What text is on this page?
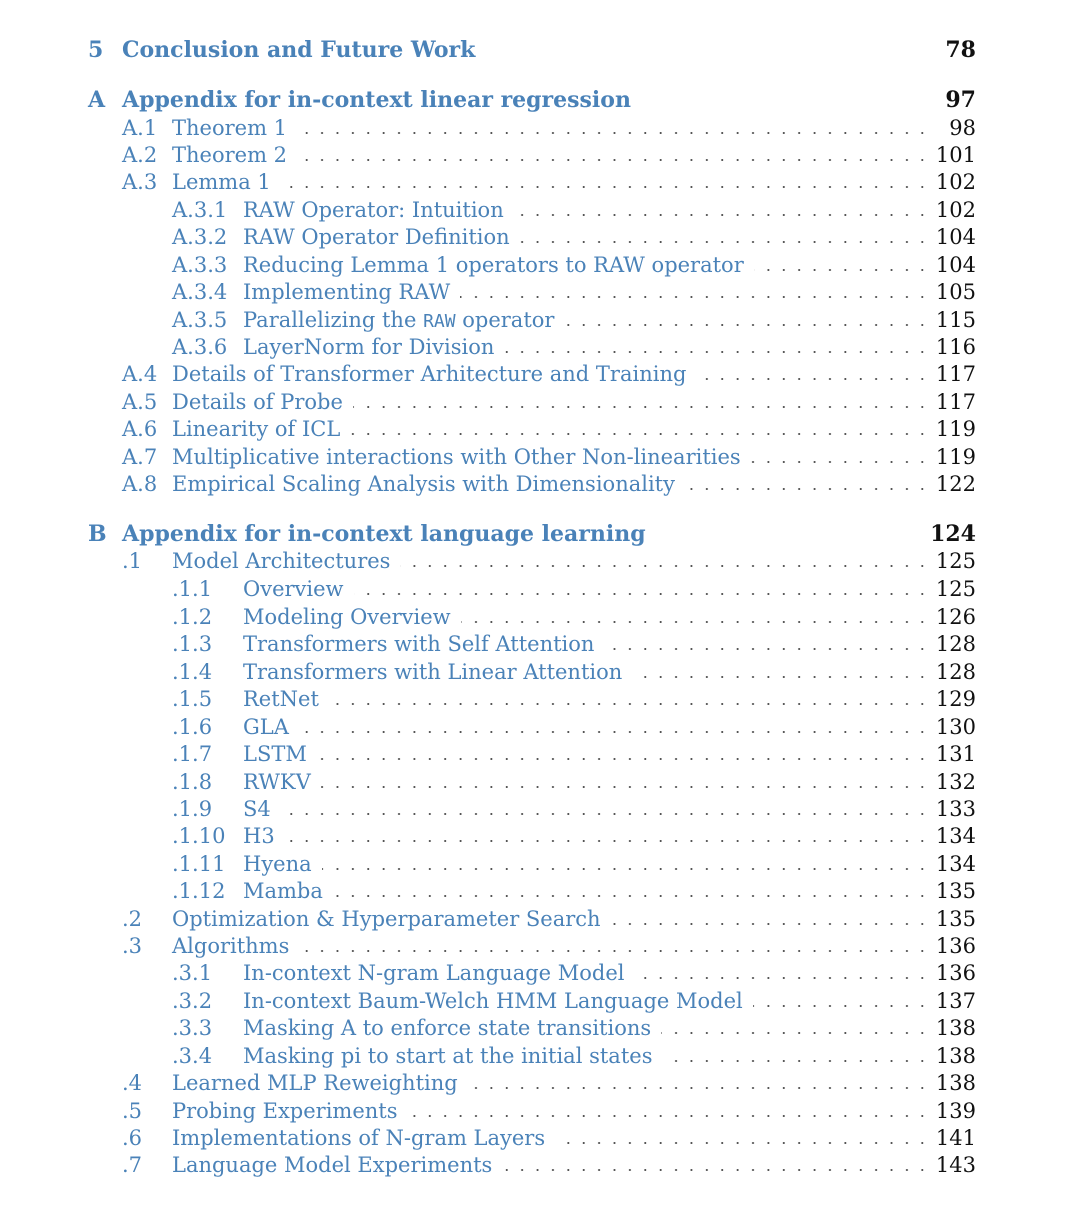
5 Conclusion and Future Work	78
A Appendix for in-context linear regression	97
A.1 Theorem 1	98
A.2 Theorem 2	101
A.3 Lemma 1	102
A.3.1 RAW Operator: Intuition	102
A.3.2 RAW Operator Definition	104
A.3.3 Reducing Lemma 1 operators to RAW operator	104
A.3.4 Implementing RAW	105
A.3.5 Parallelizing the RAW operator	115
A.3.6 LayerNorm for Division	116
A.4 Details of Transformer Arhitecture and Training	117
A.5 Details of Probe	117
A.6 Linearity of ICL	119
A.7 Multiplicative interactions with Other Non-linearities	119
A.8 Empirical Scaling Analysis with Dimensionality	122
B Appendix for in-context language learning	124
.1 Model Architectures	125
.1.1 Overview	125
.1.2 Modeling Overview	126
.1.3 Transformers with Self Attention	128
.1.4 Transformers with Linear Attention	128
.1.5 RetNet	129
.1.6 GLA	130
.1.7 LSTM	131
.1.8 RWKV	132
.1.9 S4	133
.1.10 H3	134
.1.11 Hyena	134
.1.12 Mamba	135
.2 Optimization & Hyperparameter Search	135
.3 Algorithms	136
.3.1 In-context N-gram Language Model	136
.3.2 In-context Baum-Welch HMM Language Model	137
.3.3 Masking A to enforce state transitions	138
.3.4 Masking pi to start at the initial states	138
.4 Learned MLP Reweighting	138
.5 Probing Experiments	139
.6 Implementations of N-gram Layers	141
.7 Language Model Experiments	143
